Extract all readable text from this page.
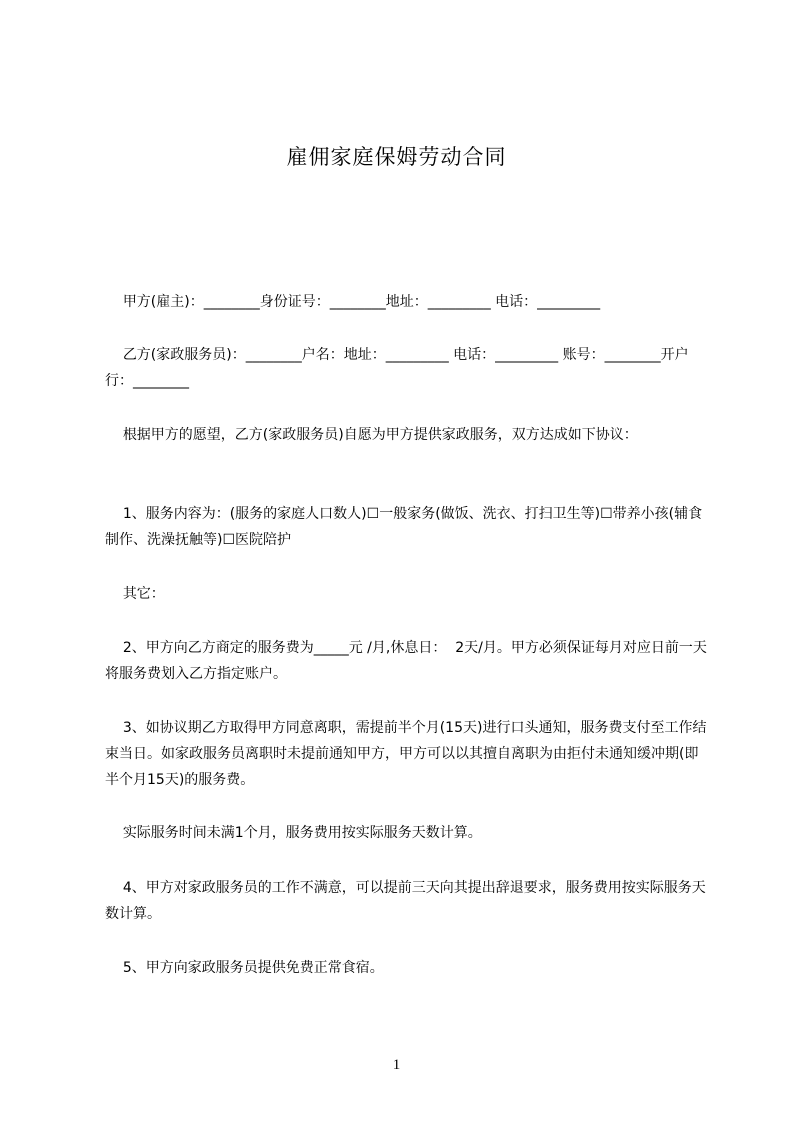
雇佣家庭保姆劳动合同
甲方(雇主)：________身份证号：________地址：_________ 电话：_________
乙方(家政服务员)：________户名：地址：_________ 电话：_________ 账号：________开户行：________
根据甲方的愿望，乙方(家政服务员)自愿为甲方提供家政服务，双方达成如下协议：
1、服务内容为：(服务的家庭人口数人)☐一般家务(做饭、洗衣、打扫卫生等)☐带养小孩(辅食制作、洗澡抚触等)☐医院陪护
其它：
2、甲方向乙方商定的服务费为_____元 /月,休息日：  2天/月。甲方必须保证每月对应日前一天将服务费划入乙方指定账户。
3、如协议期乙方取得甲方同意离职，需提前半个月(15天)进行口头通知，服务费支付至工作结束当日。如家政服务员离职时未提前通知甲方，甲方可以以其擅自离职为由拒付未通知缓冲期(即半个月15天)的服务费。
实际服务时间未满1个月，服务费用按实际服务天数计算。
4、甲方对家政服务员的工作不满意，可以提前三天向其提出辞退要求，服务费用按实际服务天数计算。
5、甲方向家政服务员提供免费正常食宿。
1
